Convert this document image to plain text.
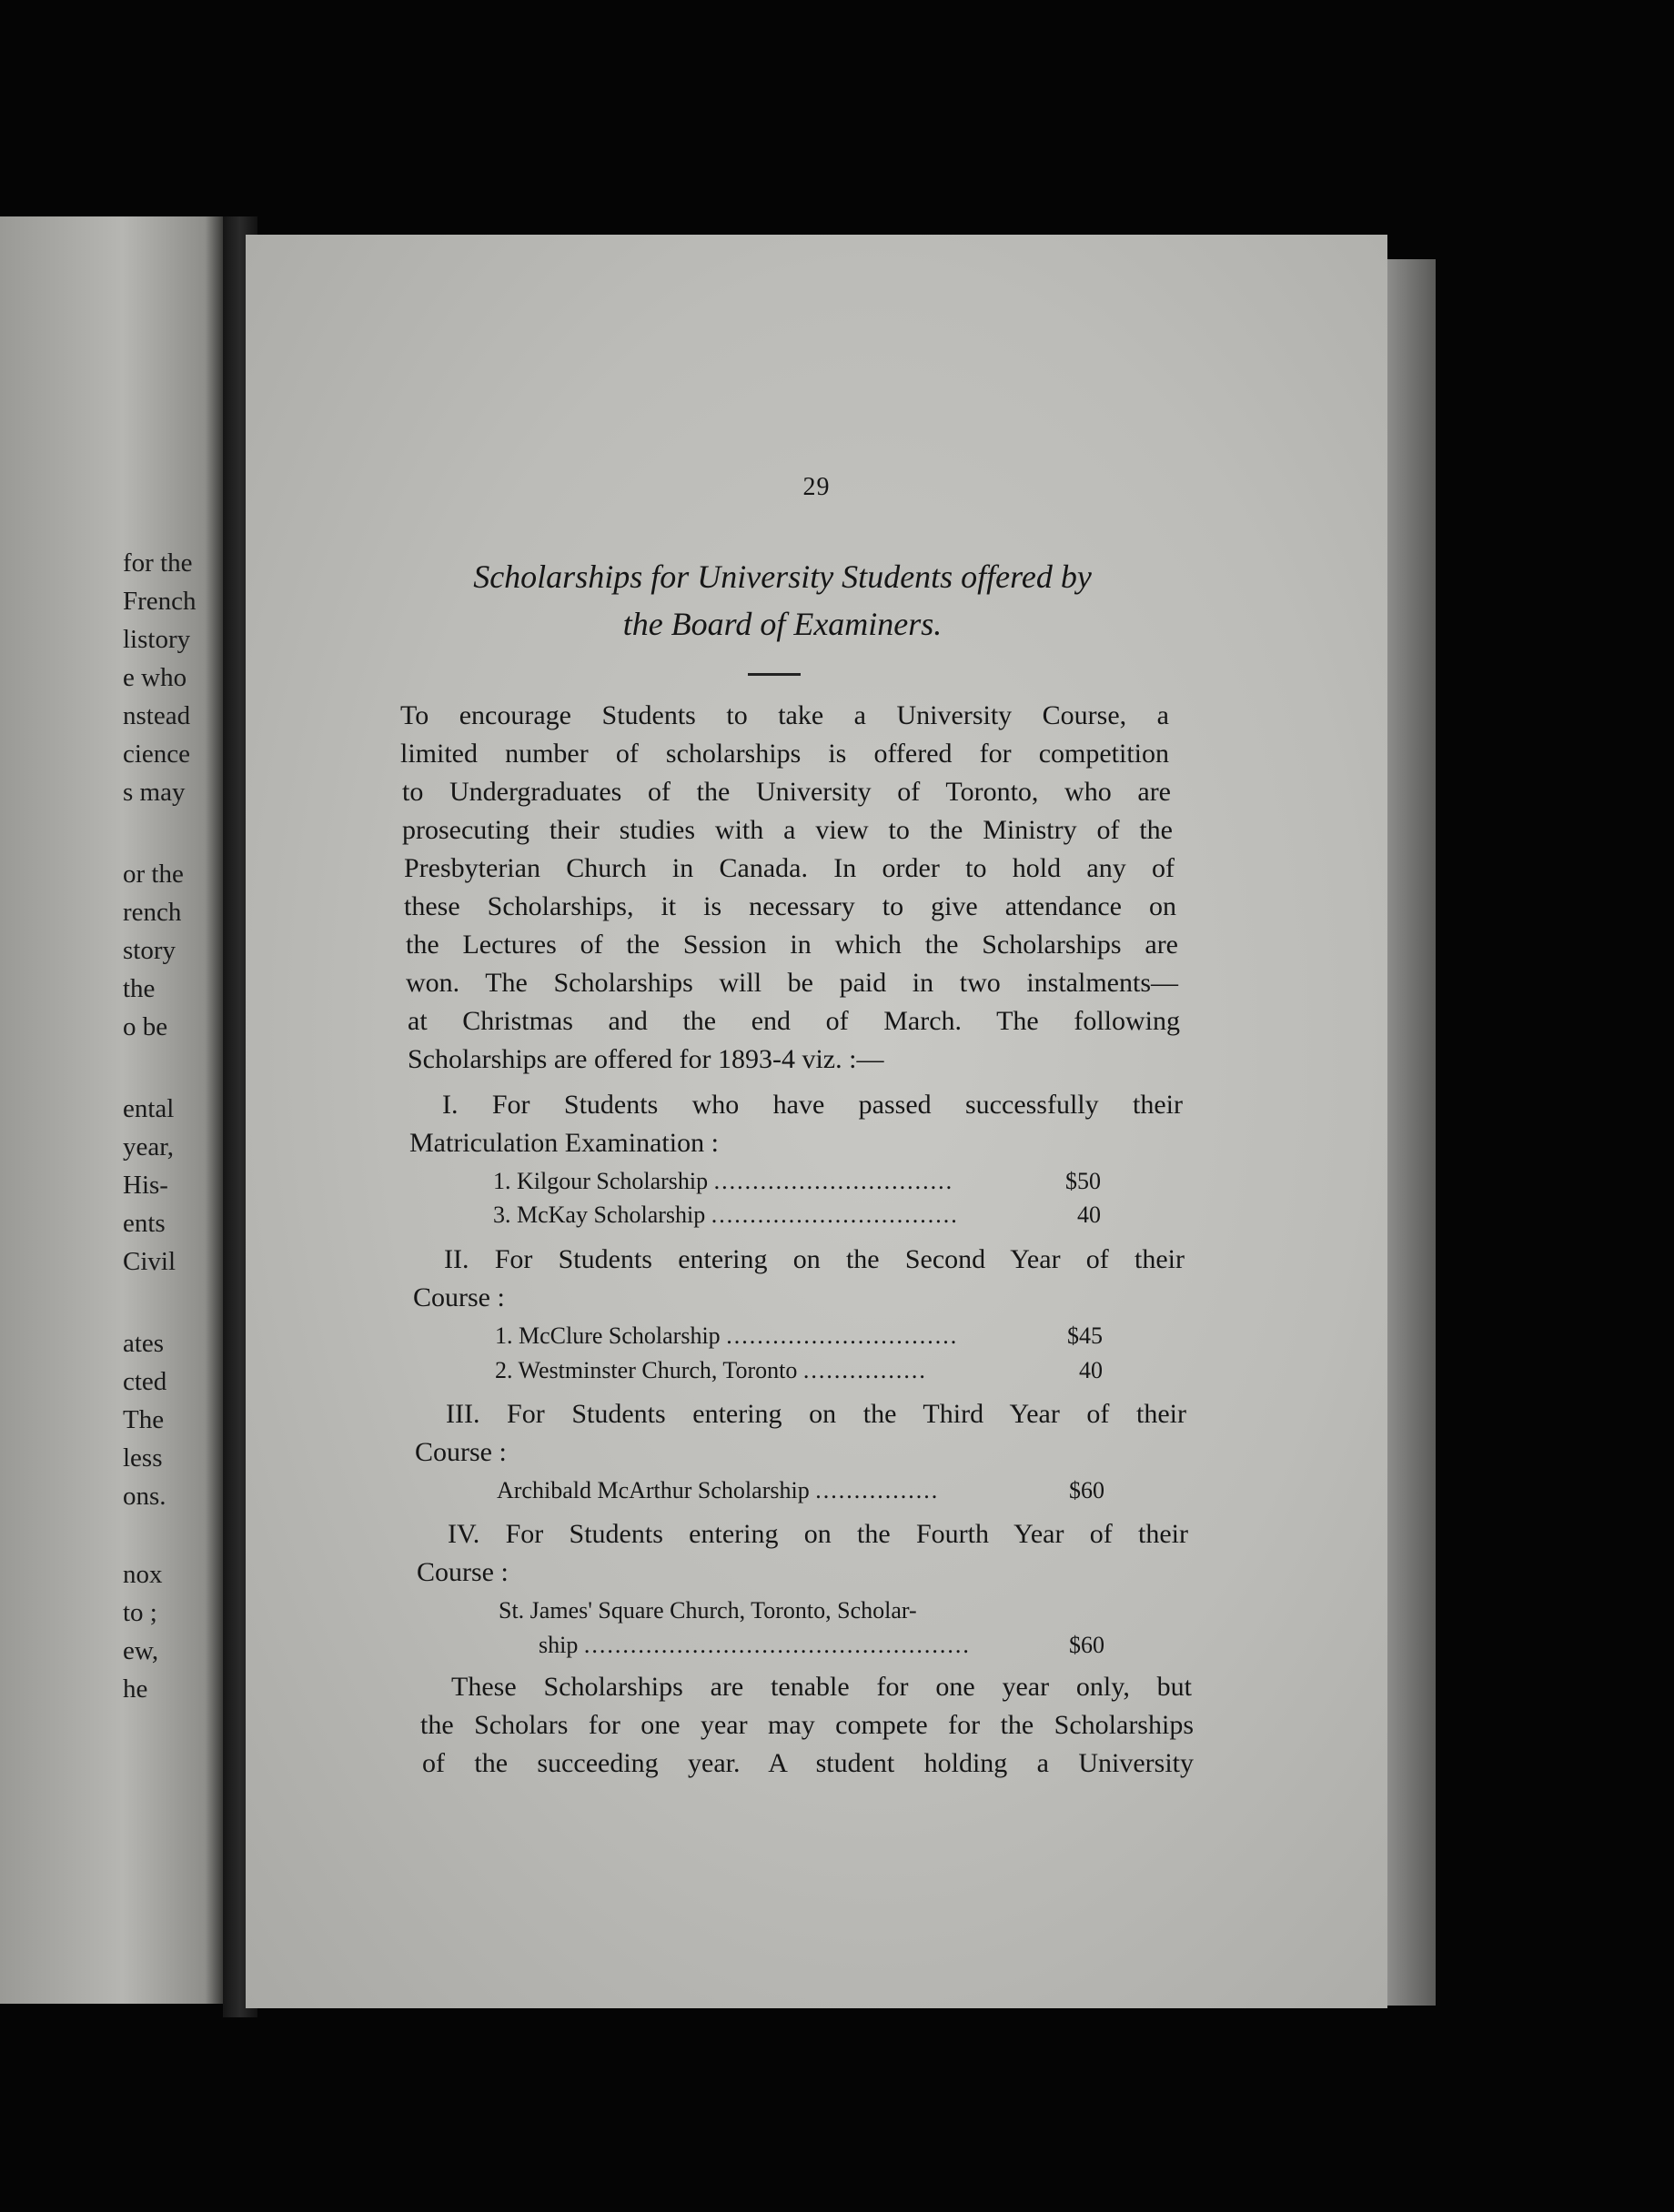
for the
French
listory
e who
nstead
cience
s may
or the
rench
story
the
o be
ental
year,
His-
ents
Civil
ates
cted
The
less
ons.
nox
to ;
ew,
he
29
Scholarships for University Students offered by
the Board of Examiners.
To encourage Students to take a University Course, a
limited number of scholarships is offered for competition
to Undergraduates of the University of Toronto, who are
prosecuting their studies with a view to the Ministry of the
Presbyterian Church in Canada. In order to hold any of
these Scholarships, it is necessary to give attendance on
the Lectures of the Session in which the Scholarships are
won. The Scholarships will be paid in two instalments—
at Christmas and the end of March. The following
Scholarships are offered for 1893-4 viz. :—
I. For Students who have passed successfully their
Matriculation Examination :
1. Kilgour Scholarship ...............................	$50
3. McKay Scholarship ................................	40
II. For Students entering on the Second Year of their
Course :
1. McClure Scholarship ..............................	$45
2. Westminster Church, Toronto ................	40
III. For Students entering on the Third Year of their
Course :
Archibald McArthur Scholarship ................	$60
IV. For Students entering on the Fourth Year of their
Course :
St. James' Square Church, Toronto, Scholar-
ship ..................................................	$60
These Scholarships are tenable for one year only, but
the Scholars for one year may compete for the Scholarships
of the succeeding year. A student holding a University
